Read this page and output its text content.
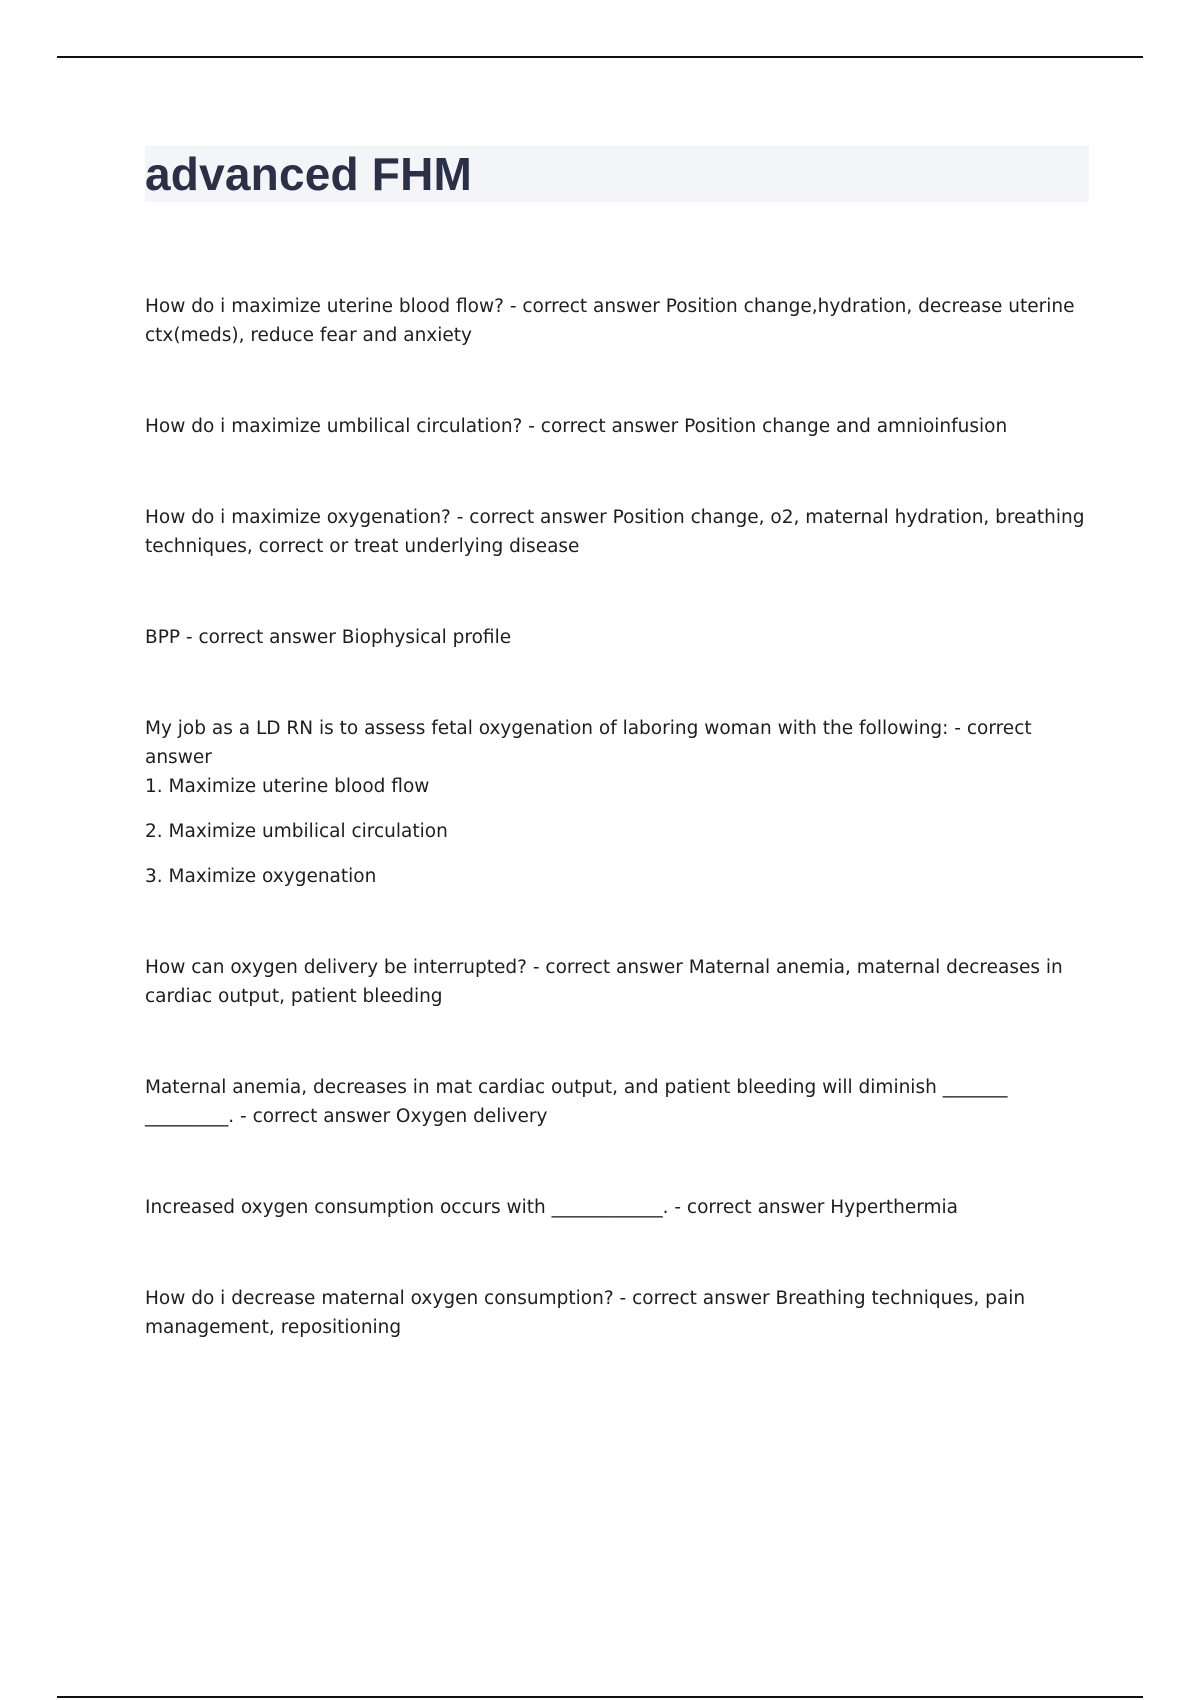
advanced FHM

How do i maximize uterine blood flow? - correct answer Position change,hydration, decrease uterine ctx(meds), reduce fear and anxiety

How do i maximize umbilical circulation? - correct answer Position change and amnioinfusion

How do i maximize oxygenation? - correct answer Position change, o2, maternal hydration, breathing techniques, correct or treat underlying disease

BPP - correct answer Biophysical profile

My job as a LD RN is to assess fetal oxygenation of laboring woman with the following: - correct answer

1. Maximize uterine blood flow

2. Maximize umbilical circulation

3. Maximize oxygenation

How can oxygen delivery be interrupted? - correct answer Maternal anemia, maternal decreases in cardiac output, patient bleeding

Maternal anemia, decreases in mat cardiac output, and patient bleeding will diminish _______ _________. - correct answer Oxygen delivery

Increased oxygen consumption occurs with ____________. - correct answer Hyperthermia

How do i decrease maternal oxygen consumption? - correct answer Breathing techniques, pain management, repositioning
